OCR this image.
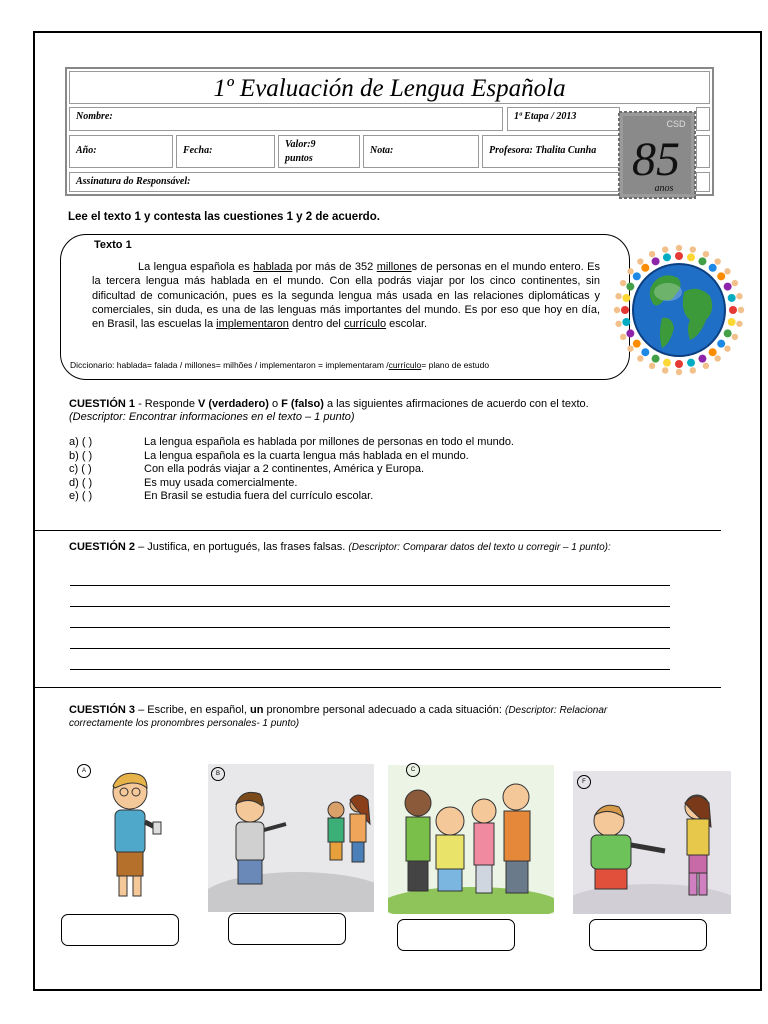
1º Evaluación de Lengua Española
Nombre:	1ª Etapa / 2013
Año:	Fecha:
Valor:9
puntos
Nota:	Profesora: Thalita Cunha
Assinatura do Responsável:
CSD
85
anos
Lee el texto 1 y contesta las cuestiones 1 y 2 de acuerdo.
Texto 1
La lengua española es hablada por más de 352 millones de personas en el mundo entero. Es la tercera lengua más hablada en el mundo. Con ella podrás viajar por los cinco continentes, sin dificultad de comunicación, pues es la segunda lengua más usada en las relaciones diplomáticas y comerciales, sin duda, es una de las lenguas más importantes del mundo. Es por eso que hoy en día, en Brasil, las escuelas la implementaron dentro del currículo escolar.
Diccionario: hablada= falada / millones= milhões / implementaron = implementaram /currículo= plano de estudo
CUESTIÓN 1 - Responde V (verdadero) o F (falso) a las siguientes afirmaciones de acuerdo con el texto.
(Descriptor: Encontrar informaciones en el texto – 1 punto)
a) ( )	La lengua española es hablada por millones de personas en todo el mundo.
b) ( )	La lengua española es la cuarta lengua más hablada en el mundo.
c) ( )	Con ella podrás viajar a 2 continentes, América y Europa.
d) ( )	Es muy usada comercialmente.
e) ( )	En Brasil se estudia fuera del currículo escolar.
CUESTIÓN 2 – Justifica, en portugués, las frases falsas. (Descriptor: Comparar datos del texto u corregir – 1 punto):
CUESTIÓN 3 – Escribe, en español, un pronombre personal adecuado a cada situación: (Descriptor: Relacionar
correctamente los pronombres personales- 1 punto)
A	B
C
F
